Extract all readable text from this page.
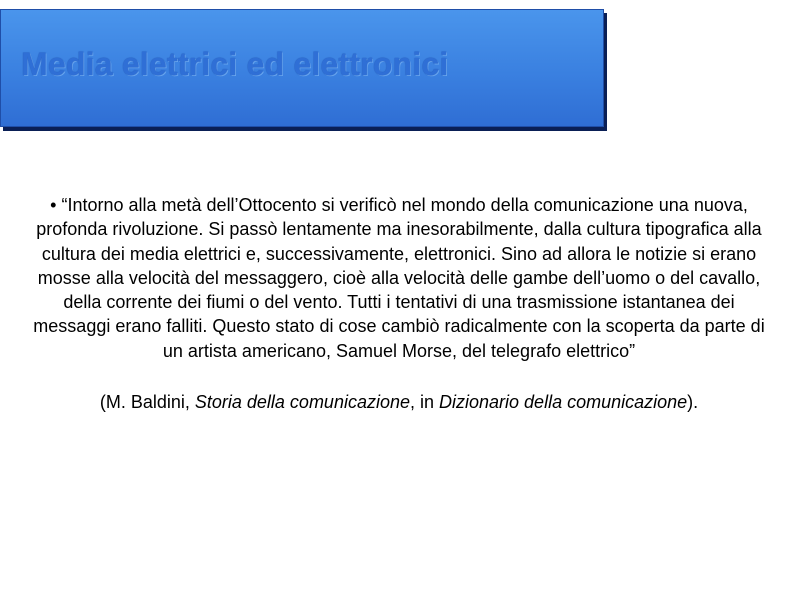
Media elettrici ed elettronici

• “Intorno alla metà dell’Ottocento si verificò nel mondo della comunicazione una nuova, profonda rivoluzione. Si passò lentamente ma inesorabilmente, dalla cultura tipografica alla cultura dei media elettrici e, successivamente, elettronici. Sino ad allora le notizie si erano mosse alla velocità del messaggero, cioè alla velocità delle gambe dell’uomo o del cavallo, della corrente dei fiumi o del vento. Tutti i tentativi di una trasmissione istantanea dei messaggi erano falliti. Questo stato di cose cambiò radicalmente con la scoperta da parte di un artista americano, Samuel Morse, del telegrafo elettrico”

(M. Baldini, Storia della comunicazione, in Dizionario della comunicazione).
